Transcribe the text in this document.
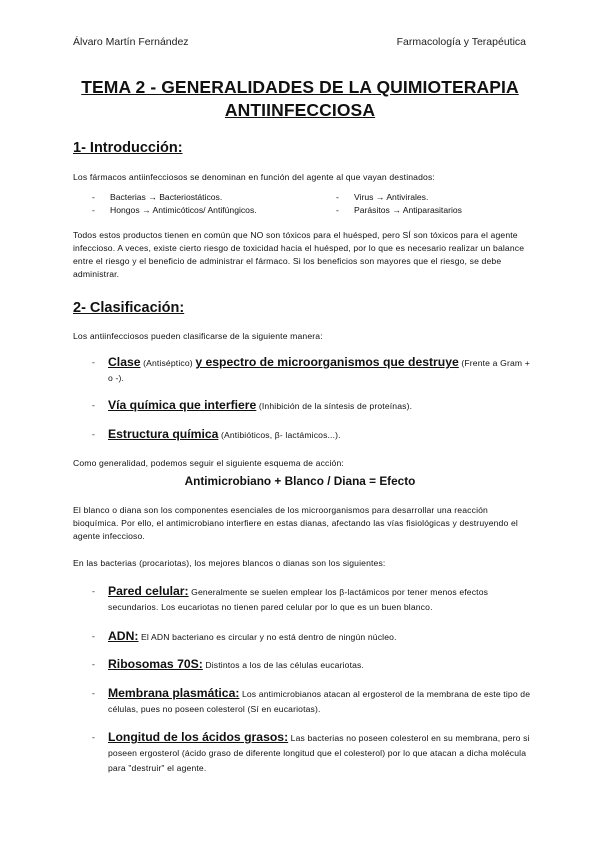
Álvaro Martín Fernández	Farmacología y Terapéutica
TEMA 2 - GENERALIDADES DE LA QUIMIOTERAPIA
ANTIINFECCIOSA
1- Introducción:
Los fármacos antiinfecciosos se denominan en función del agente al que vayan destinados:
- Bacterias → Bacteriostáticos.
- Hongos → Antimicóticos/ Antifúngicos.
- Virus → Antivirales.
- Parásitos → Antiparasitarios
Todos estos productos tienen en común que NO son tóxicos para el huésped, pero SÍ son tóxicos para el agente infeccioso. A veces, existe cierto riesgo de toxicidad hacia el huésped, por lo que es necesario realizar un balance entre el riesgo y el beneficio de administrar el fármaco. Si los beneficios son mayores que el riesgo, se debe administrar.
2- Clasificación:
Los antiinfecciosos pueden clasificarse de la siguiente manera:
- Clase (Antiséptico) y espectro de microorganismos que destruye (Frente a Gram + o -).
- Vía química que interfiere (Inhibición de la síntesis de proteínas).
- Estructura química (Antibióticos, β- lactámicos...).
Como generalidad, podemos seguir el siguiente esquema de acción:
Antimicrobiano + Blanco / Diana = Efecto
El blanco o diana son los componentes esenciales de los microorganismos para desarrollar una reacción bioquímica. Por ello, el antimicrobiano interfiere en estas dianas, afectando las vías fisiológicas y destruyendo el agente infeccioso.
En las bacterias (procariotas), los mejores blancos o dianas son los siguientes:
- Pared celular: Generalmente se suelen emplear los β-lactámicos por tener menos efectos secundarios. Los eucariotas no tienen pared celular por lo que es un buen blanco.
- ADN: El ADN bacteriano es circular y no está dentro de ningún núcleo.
- Ribosomas 70S: Distintos a los de las células eucariotas.
- Membrana plasmática: Los antimicrobianos atacan al ergosterol de la membrana de este tipo de células, pues no poseen colesterol (Sí en eucariotas).
- Longitud de los ácidos grasos: Las bacterias no poseen colesterol en su membrana, pero si poseen ergosterol (ácido graso de diferente longitud que el colesterol) por lo que atacan a dicha molécula para "destruir" el agente.
